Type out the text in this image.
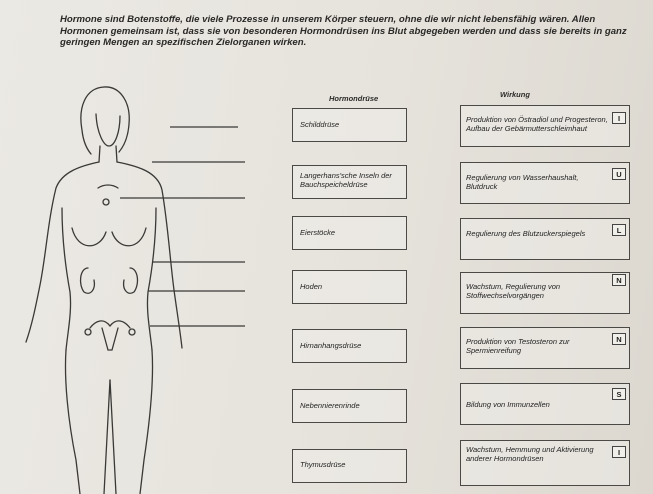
Hormone sind Botenstoffe, die viele Prozesse in unserem Körper steuern, ohne die wir nicht lebensfähig wären. Allen Hormonen gemeinsam ist, dass sie von besonderen Hormondrüsen ins Blut abgegeben werden und dass sie bereits in ganz geringen Mengen an spezifischen Zielorganen wirken.
Hormondrüse	Wirkung
Schilddrüse
Langerhans'sche Inseln der Bauchspeicheldrüse
Eierstöcke
Hoden
Hirnanhangsdrüse
Nebennierenrinde
Thymusdrüse
Produktion von Östradiol und Progesteron, Aufbau der Gebärmutterschleimhaut
I
Regulierung von Wasserhaushalt, Blutdruck
U
Regulierung des Blutzuckerspiegels	L
Wachstum, Regulierung von Stoffwechselvorgängen
N
Produktion von Testosteron zur Spermienreifung
N
Bildung von Immunzellen
S
Wachstum, Hemmung und Aktivierung anderer Hormondrüsen
I
